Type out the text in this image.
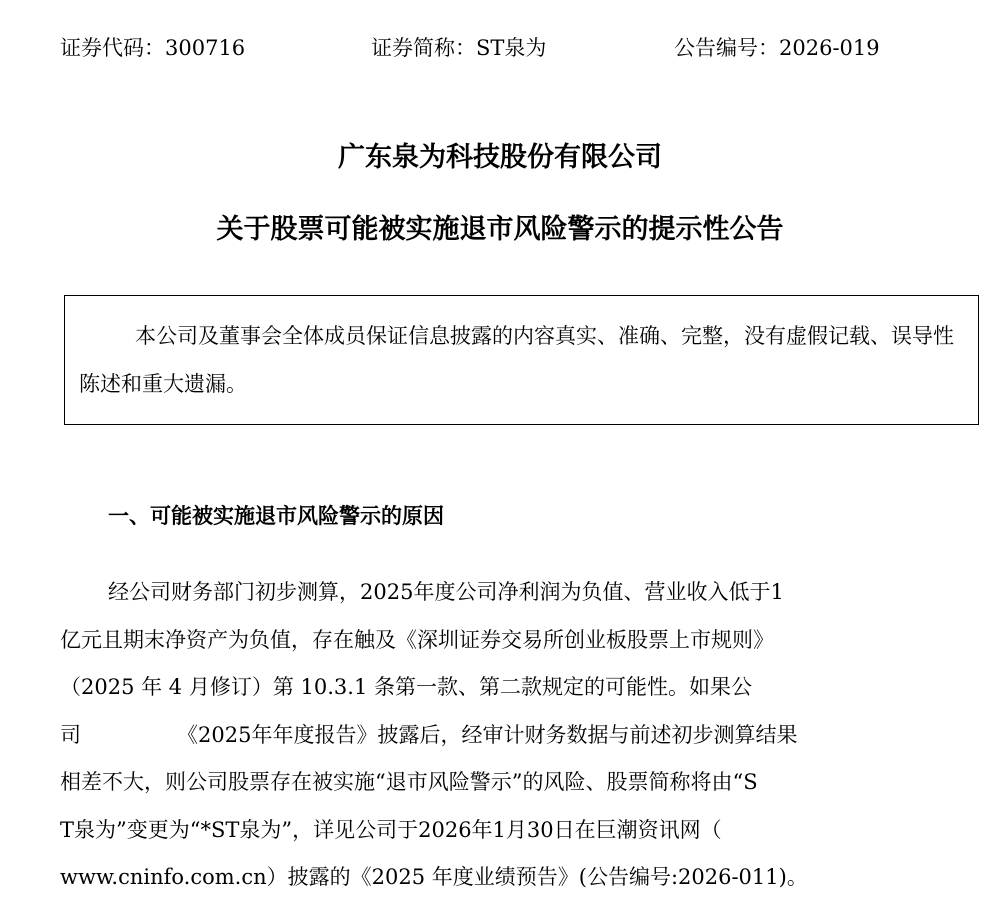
证券代码：300716	证券简称：ST泉为	公告编号：2026-019
广东泉为科技股份有限公司
关于股票可能被实施退市风险警示的提示性公告
本公司及董事会全体成员保证信息披露的内容真实、准确、完整，没有虚假记载、误导性陈述和重大遗漏。
一、可能被实施退市风险警示的原因
经公司财务部门初步测算，2025年度公司净利润为负值、营业收入低于1
亿元且期末净资产为负值，存在触及《深圳证券交易所创业板股票上市规则》
（2025 年 4 月修订）第 10.3.1 条第一款、第二款规定的可能性。如果公
司	《2025年年度报告》披露后，经审计财务数据与前述初步测算结果
相差不大，则公司股票存在被实施“退市风险警示”的风险、股票简称将由“S
T泉为”变更为“*ST泉为”，详见公司于2026年1月30日在巨潮资讯网（
www.cninfo.com.cn）披露的《2025 年度业绩预告》(公告编号:2026-011)。
